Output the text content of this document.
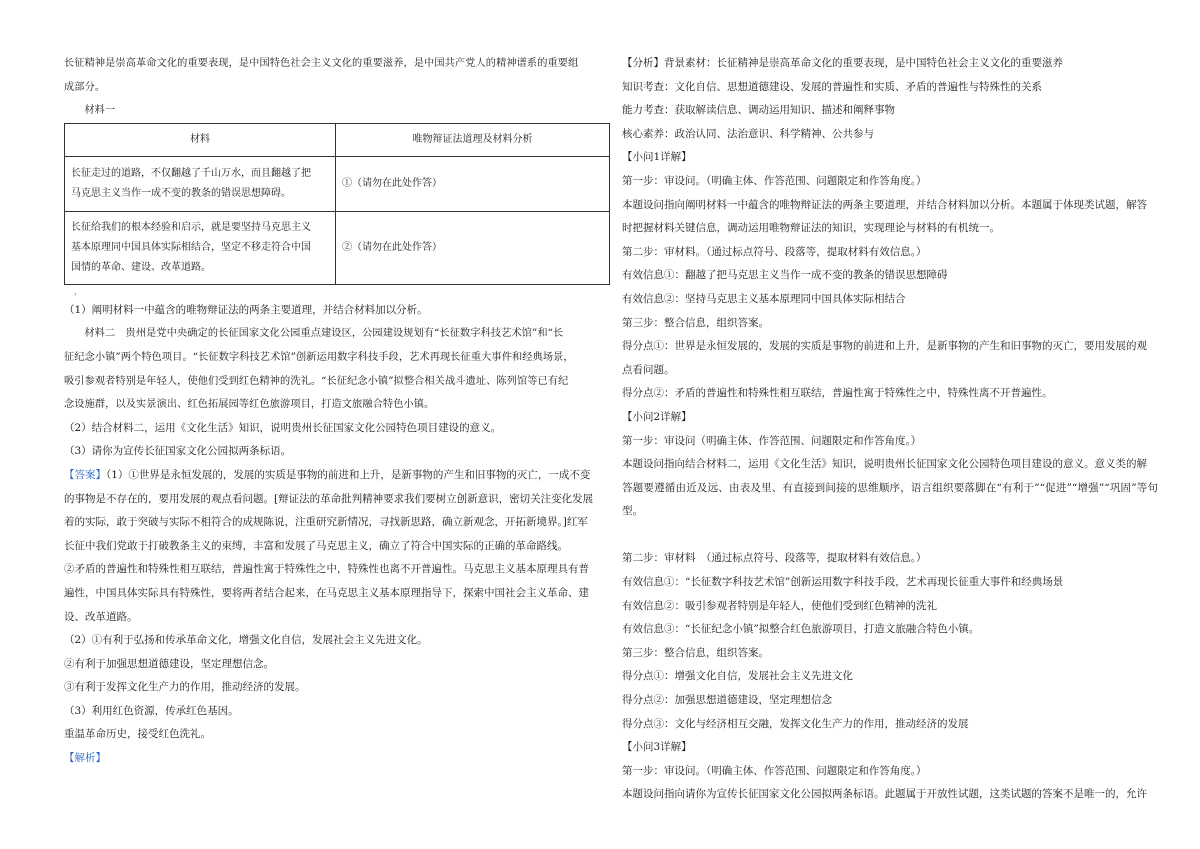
长征精神是崇高革命文化的重要表现，是中国特色社会主义文化的重要滋养，是中国共产党人的精神谱系的重要组

成部分。

材料一

材料	唯物辩证法道理及材料分析

长征走过的道路，不仅翻越了千山万水，而且翻越了把
马克思主义当作一成不变的教条的错误思想障碍。	①（请勿在此处作答）

长征给我们的根本经验和启示，就是要坚持马克思主义
基本原理同中国具体实际相结合，坚定不移走符合中国
国情的革命、建设、改革道路。	②（请勿在此处作答）
，

（1）阐明材料一中蕴含的唯物辩证法的两条主要道理，并结合材料加以分析。

材料二　贵州是党中央确定的长征国家文化公园重点建设区，公园建设规划有“长征数字科技艺术馆”和“长

征纪念小镇”两个特色项目。“长征数字科技艺术馆”创新运用数字科技手段，艺术再现长征重大事件和经典场景，

吸引参观者特别是年轻人，使他们受到红色精神的洗礼。“长征纪念小镇”拟整合相关战斗遗址、陈列馆等已有纪

念设施群，以及实景演出、红色拓展园等红色旅游项目，打造文旅融合特色小镇。

（2）结合材料二，运用《文化生活》知识，说明贵州长征国家文化公园特色项目建设的意义。

（3）请你为宣传长征国家文化公园拟两条标语。

【答案】（1）①世界是永恒发展的，发展的实质是事物的前进和上升，是新事物的产生和旧事物的灭亡，一成不变

的事物是不存在的，要用发展的观点看问题。[辩证法的革命批判精神要求我们要树立创新意识，密切关注变化发展

着的实际，敢于突破与实际不相符合的成规陈说，注重研究新情况，寻找新思路，确立新观念，开拓新境界。]红军

长征中我们党敢于打破教条主义的束缚，丰富和发展了马克思主义，确立了符合中国实际的正确的革命路线。

②矛盾的普遍性和特殊性相互联结，普遍性寓于特殊性之中，特殊性也离不开普遍性。马克思主义基本原理具有普

遍性，中国具体实际具有特殊性，要将两者结合起来，在马克思主义基本原理指导下，探索中国社会主义革命、建

设、改革道路。

（2）①有利于弘扬和传承革命文化，增强文化自信，发展社会主义先进文化。

②有利于加强思想道德建设，坚定理想信念。

③有利于发挥文化生产力的作用，推动经济的发展。

（3）利用红色资源，传承红色基因。

重温革命历史，接受红色洗礼。

【解析】

【分析】背景素材：长征精神是崇高革命文化的重要表现，是中国特色社会主义文化的重要滋养

知识考查：文化自信、思想道德建设、发展的普遍性和实质、矛盾的普遍性与特殊性的关系

能力考查：获取解读信息、调动运用知识、描述和阐释事物

核心素养：政治认同、法治意识、科学精神、公共参与

【小问1详解】

第一步：审设问。（明确主体、作答范围、问题限定和作答角度。）

本题设问指向阐明材料一中蕴含的唯物辩证法的两条主要道理，并结合材料加以分析。本题属于体现类试题，解答

时把握材料关键信息，调动运用唯物辩证法的知识，实现理论与材料的有机统一。

第二步：审材料。（通过标点符号、段落等，提取材料有效信息。）

有效信息①：翻越了把马克思主义当作一成不变的教条的错误思想障碍

有效信息②：坚持马克思主义基本原理同中国具体实际相结合

第三步：整合信息，组织答案。

得分点①：世界是永恒发展的，发展的实质是事物的前进和上升，是新事物的产生和旧事物的灭亡，要用发展的观

点看问题。

得分点②：矛盾的普遍性和特殊性相互联结，普遍性寓于特殊性之中，特殊性离不开普遍性。

【小问2详解】

第一步：审设问（明确主体、作答范围、问题限定和作答角度。）

本题设问指向结合材料二，运用《文化生活》知识，说明贵州长征国家文化公园特色项目建设的意义。意义类的解

答题要遵循由近及远、由表及里、有直接到间接的思维顺序，语言组织要落脚在“有利于”“促进”“增强”“巩固”等句型。

第二步：审材料　（通过标点符号、段落等，提取材料有效信息。）

有效信息①：“长征数字科技艺术馆”创新运用数字科技手段，艺术再现长征重大事件和经典场景

有效信息②：吸引参观者特别是年轻人，使他们受到红色精神的洗礼

有效信息③：“长征纪念小镇”拟整合红色旅游项目，打造文旅融合特色小镇。

第三步：整合信息，组织答案。

得分点①：增强文化自信，发展社会主义先进文化

得分点②：加强思想道德建设，坚定理想信念

得分点③：文化与经济相互交融，发挥文化生产力的作用，推动经济的发展

【小问3详解】

第一步：审设问。（明确主体、作答范围、问题限定和作答角度。）

本题设问指向请你为宣传长征国家文化公园拟两条标语。此题属于开放性试题，这类试题的答案不是唯一的，允许
